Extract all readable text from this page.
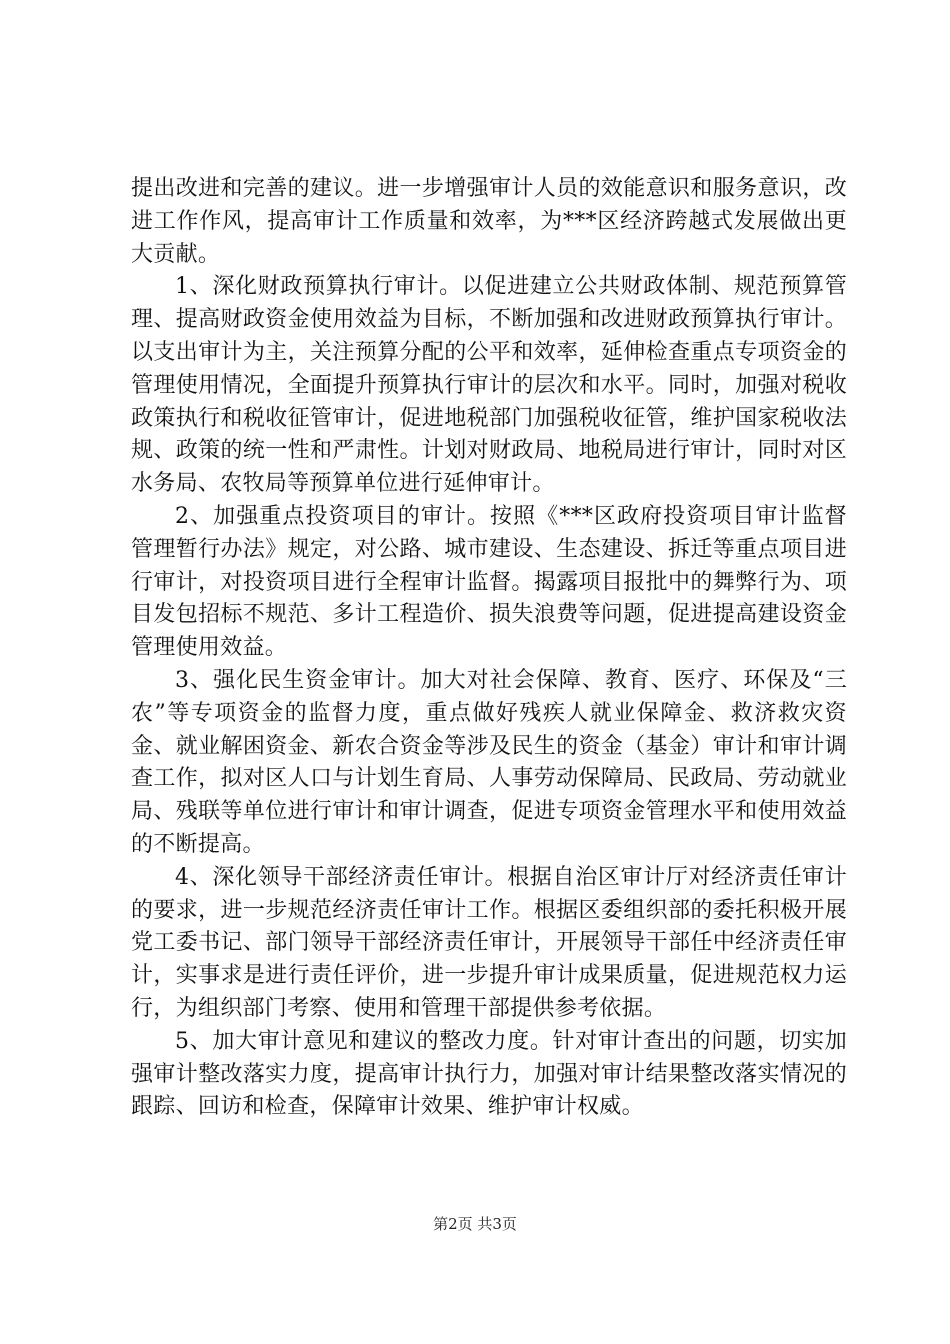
提出改进和完善的建议。进一步增强审计人员的效能意识和服务意识，改进工作作风，提高审计工作质量和效率，为***区经济跨越式发展做出更大贡献。

1、深化财政预算执行审计。以促进建立公共财政体制、规范预算管理、提高财政资金使用效益为目标，不断加强和改进财政预算执行审计。以支出审计为主，关注预算分配的公平和效率，延伸检查重点专项资金的管理使用情况，全面提升预算执行审计的层次和水平。同时，加强对税收政策执行和税收征管审计，促进地税部门加强税收征管，维护国家税收法规、政策的统一性和严肃性。计划对财政局、地税局进行审计，同时对区水务局、农牧局等预算单位进行延伸审计。

2、加强重点投资项目的审计。按照《***区政府投资项目审计监督管理暂行办法》规定，对公路、城市建设、生态建设、拆迁等重点项目进行审计，对投资项目进行全程审计监督。揭露项目报批中的舞弊行为、项目发包招标不规范、多计工程造价、损失浪费等问题，促进提高建设资金管理使用效益。

3、强化民生资金审计。加大对社会保障、教育、医疗、环保及“三农”等专项资金的监督力度，重点做好残疾人就业保障金、救济救灾资金、就业解困资金、新农合资金等涉及民生的资金（基金）审计和审计调查工作，拟对区人口与计划生育局、人事劳动保障局、民政局、劳动就业局、残联等单位进行审计和审计调查，促进专项资金管理水平和使用效益的不断提高。

4、深化领导干部经济责任审计。根据自治区审计厅对经济责任审计的要求，进一步规范经济责任审计工作。根据区委组织部的委托积极开展党工委书记、部门领导干部经济责任审计，开展领导干部任中经济责任审计，实事求是进行责任评价，进一步提升审计成果质量，促进规范权力运行，为组织部门考察、使用和管理干部提供参考依据。

5、加大审计意见和建议的整改力度。针对审计查出的问题，切实加强审计整改落实力度，提高审计执行力，加强对审计结果整改落实情况的跟踪、回访和检查，保障审计效果、维护审计权威。

第2页 共3页
